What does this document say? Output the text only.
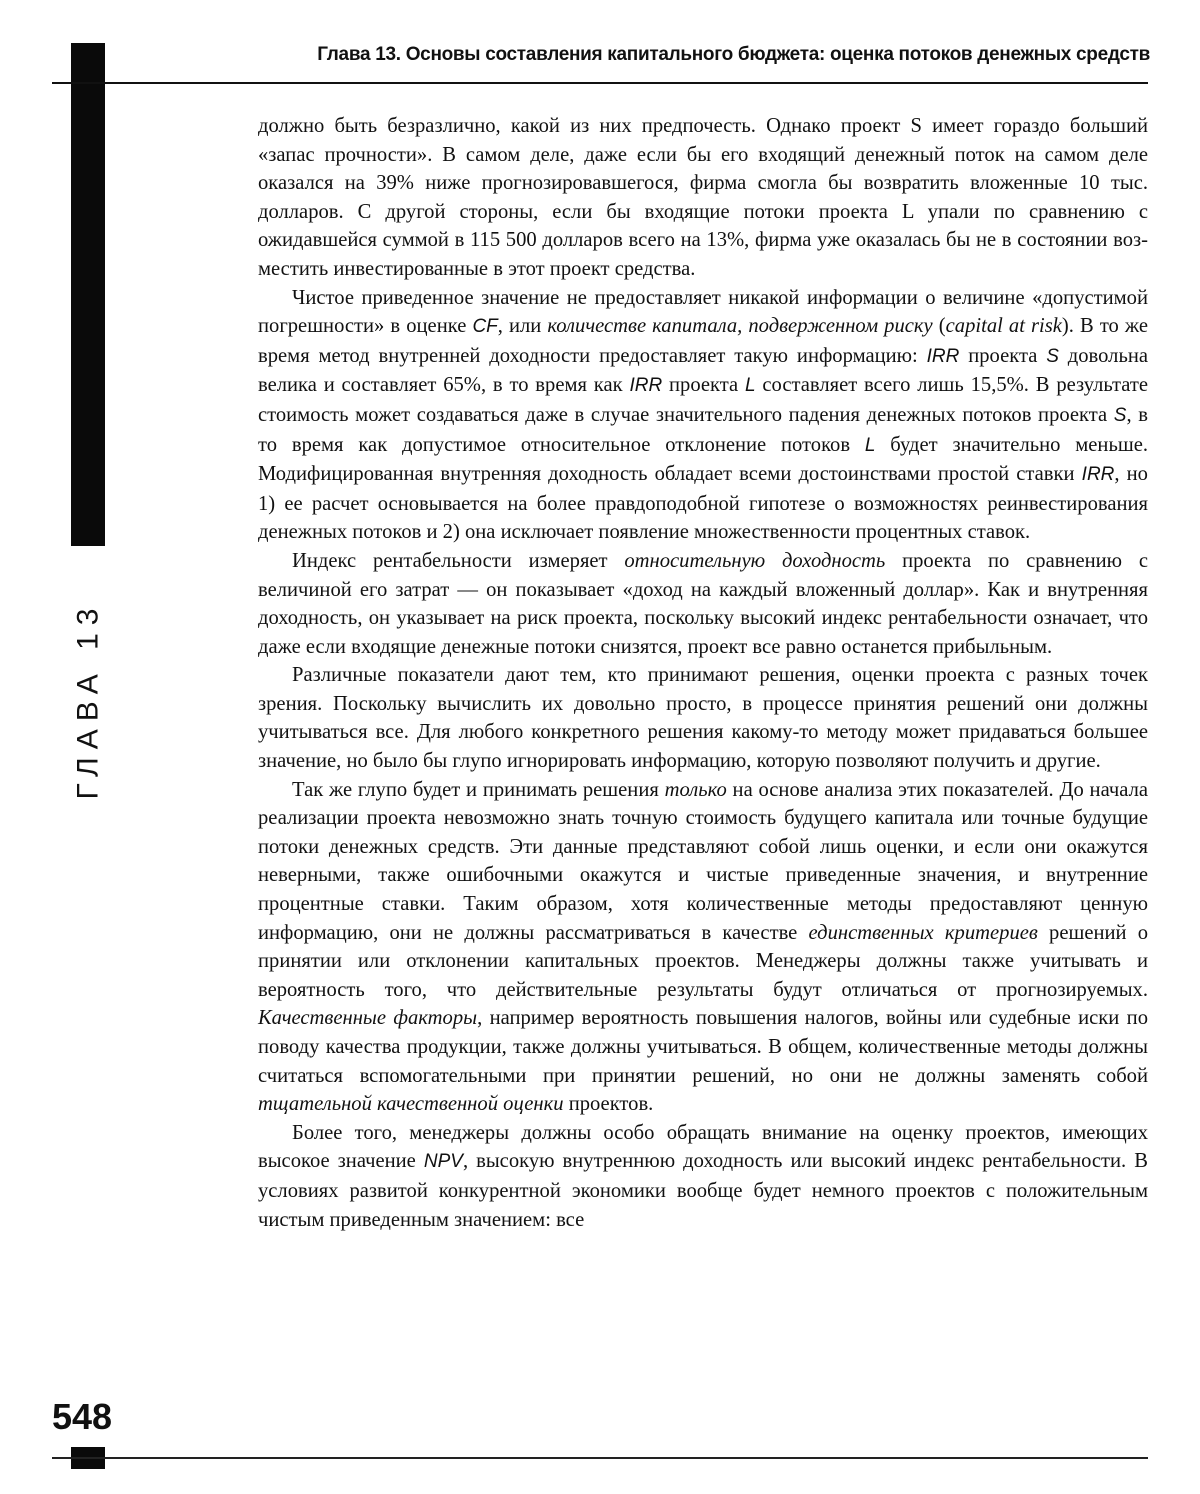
ГЛАВА 13
Глава 13. Основы составления капитального бюджета: оценка потоков денежных средств

должно быть безразлично, какой из них предпочесть. Однако проект S имеет гораздо больший «запас прочности». В самом деле, даже если бы его входящий денежный поток на самом деле оказался на 39% ниже прогнозировавшегося, фирма смогла бы возвратить вложенные 10 тыс. долларов. С другой стороны, если бы входящие потоки проекта L упали по сравнению с ожидавшейся суммой в 115 500 долларов всего на 13%, фирма уже оказалась бы не в состоянии возместить инвестированные в этот проект средства.

Чистое приведенное значение не предоставляет никакой информации о величине «допустимой погрешности» в оценке CF, или количестве капитала, подверженном риску (capital at risk). В то же время метод внутренней доходности предоставляет такую информацию: IRR проекта S довольна велика и составляет 65%, в то время как IRR проекта L составляет всего лишь 15,5%. В результате стоимость может создаваться даже в случае значительного падения денежных потоков проекта S, в то время как допустимое относительное отклонение потоков L будет значительно меньше. Модифицированная внутренняя доходность обладает всеми достоинствами простой ставки IRR, но 1) ее расчет основывается на более правдоподобной гипотезе о возможностях реинвестирования денежных потоков и 2) она исключает появление множественности процентных ставок.

Индекс рентабельности измеряет относительную доходность проекта по сравнению с величиной его затрат — он показывает «доход на каждый вложенный доллар». Как и внутренняя доходность, он указывает на риск проекта, поскольку высокий индекс рентабельности означает, что даже если входящие денежные потоки снизятся, проект все равно останется прибыльным.

Различные показатели дают тем, кто принимают решения, оценки проекта с разных точек зрения. Поскольку вычислить их довольно просто, в процессе принятия решений они должны учитываться все. Для любого конкретного решения какому-то методу может придаваться большее значение, но было бы глупо игнорировать информацию, которую позволяют получить и другие.

Так же глупо будет и принимать решения только на основе анализа этих показателей. До начала реализации проекта невозможно знать точную стоимость будущего капитала или точные будущие потоки денежных средств. Эти данные представляют собой лишь оценки, и если они окажутся неверными, также ошибочными окажутся и чистые приведенные значения, и внутренние процентные ставки. Таким образом, хотя количественные методы предоставляют ценную информацию, они не должны рассматриваться в качестве единственных критериев решений о принятии или отклонении капитальных проектов. Менеджеры должны также учитывать и вероятность того, что действительные результаты будут отличаться от прогнозируемых. Качественные факторы, например вероятность повышения налогов, войны или судебные иски по поводу качества продукции, также должны учитываться. В общем, количественные методы должны считаться вспомогательными при принятии решений, но они не должны заменять собой тщательной качественной оценки проектов.

Более того, менеджеры должны особо обращать внимание на оценку проектов, имеющих высокое значение NPV, высокую внутреннюю доходность или высокий индекс рентабельности. В условиях развитой конкурентной экономики вообще будет немного проектов с положительным чистым приведенным значением: все

548
